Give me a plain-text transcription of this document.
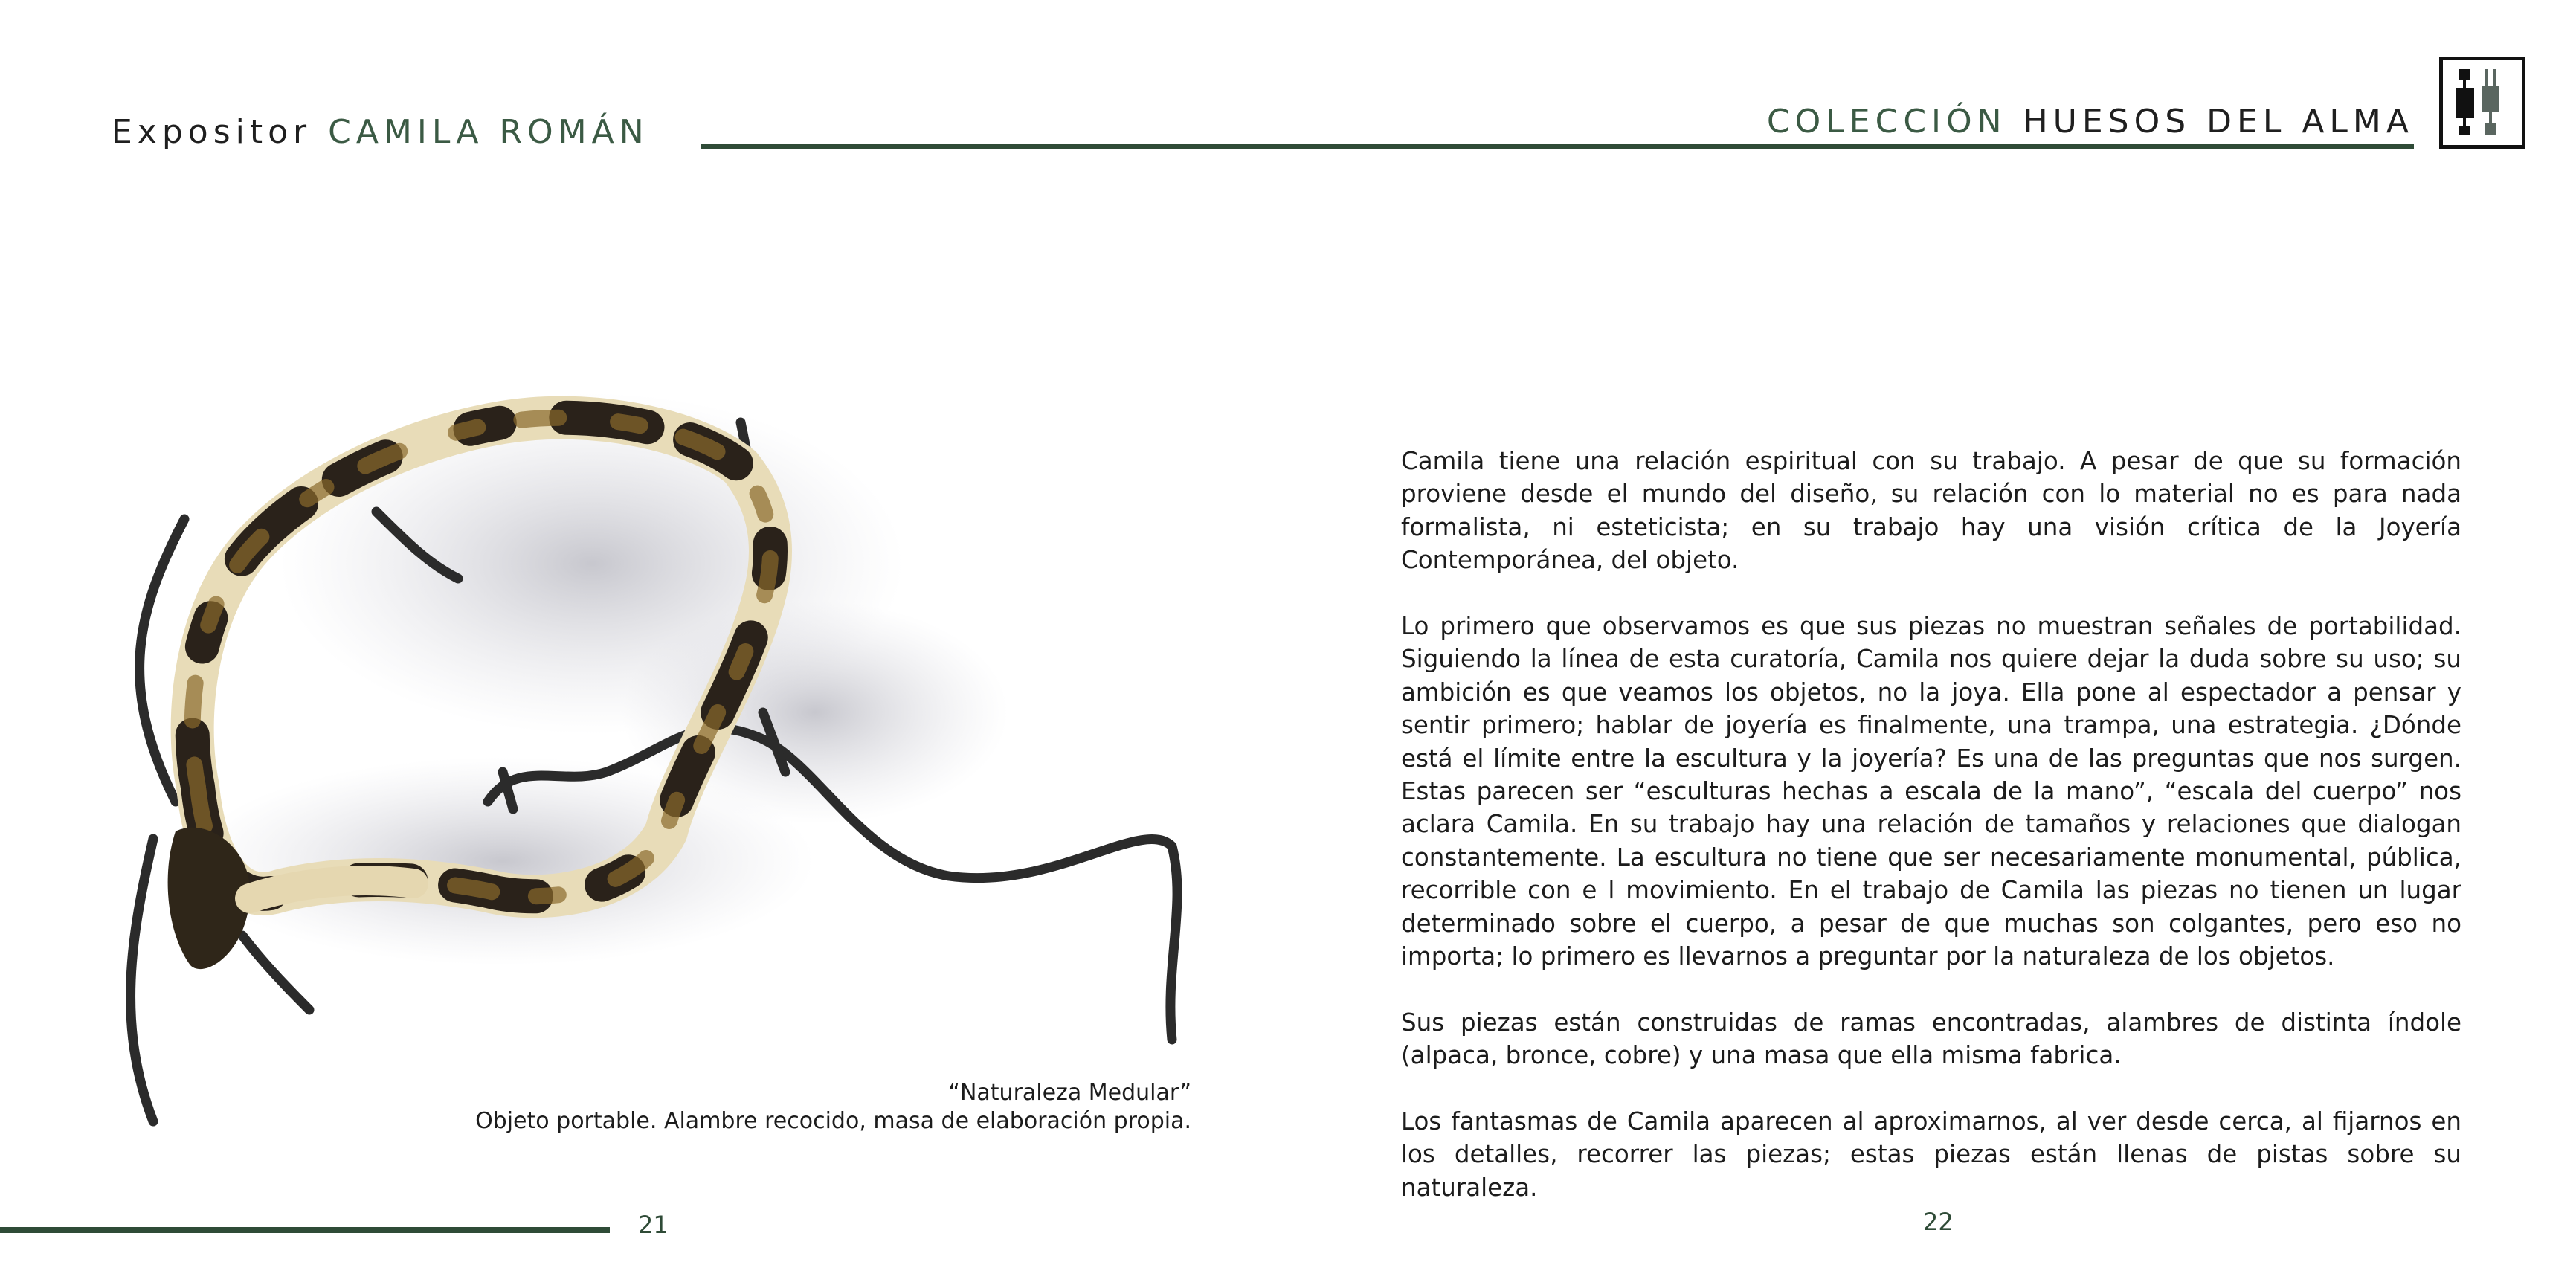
Expositor CAMILA ROMÁN	COLECCIÓN HUESOS DEL ALMA
“Naturaleza Medular”
Objeto portable. Alambre recocido, masa de elaboración propia.

Camila tiene una relación espiritual con su trabajo. A pesar de que su formación proviene desde el mundo del diseño, su relación con lo material no es para nada formalista, ni esteticista; en su trabajo hay una visión crítica de la Joyería Contemporánea, del objeto.

Lo primero que observamos es que sus piezas no muestran señales de portabilidad. Siguiendo la línea de esta curatoría, Camila nos quiere dejar la duda sobre su uso; su ambición es que veamos los objetos, no la joya. Ella pone al espectador a pensar y sentir primero; hablar de joyería es finalmente, una trampa, una estrategia. ¿Dónde está el límite entre la escultura y la joyería? Es una de las preguntas que nos surgen. Estas parecen ser “esculturas hechas a escala de la mano”, “escala del cuerpo” nos aclara Camila. En su trabajo hay una relación de tamaños y relaciones que dialogan constantemente. La escultura no tiene que ser necesariamente monumental, pública, recorrible con e l movimiento. En el trabajo de Camila las piezas no tienen un lugar determinado sobre el cuerpo, a pesar de que muchas son colgantes, pero eso no importa; lo primero es llevarnos a preguntar por la naturaleza de los objetos.

Sus piezas están construidas de ramas encontradas, alambres de distinta índole (alpaca, bronce, cobre) y una masa que ella misma fabrica.

Los fantasmas de Camila aparecen al aproximarnos, al ver desde cerca, al fijarnos en los detalles, recorrer las piezas; estas piezas están llenas de pistas sobre su naturaleza.

21	22
